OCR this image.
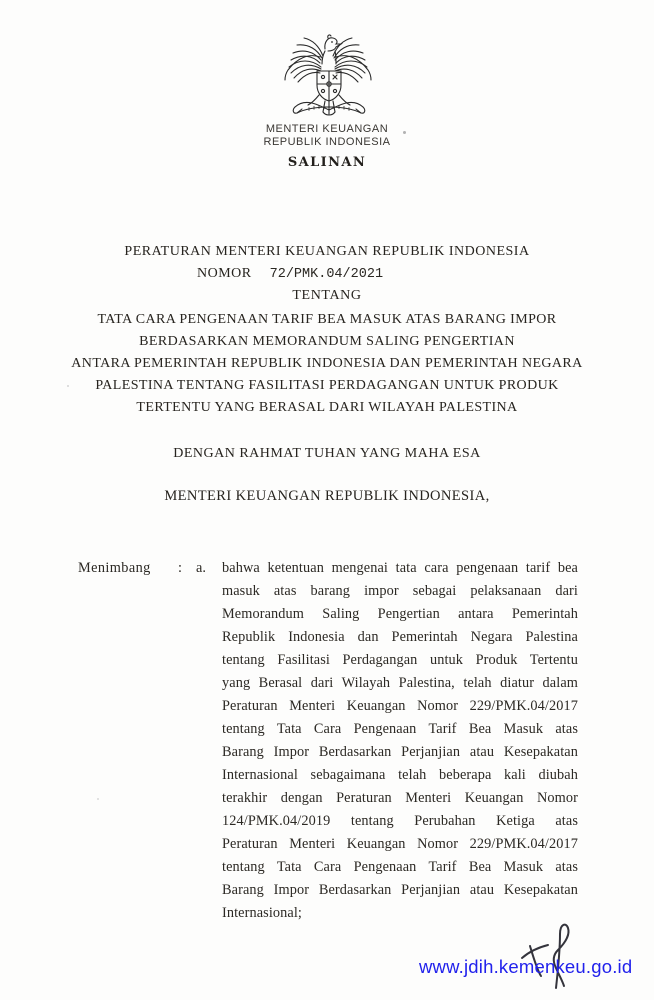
MENTERI KEUANGAN
REPUBLIK INDONESIA
SALINAN
PERATURAN MENTERI KEUANGAN REPUBLIK INDONESIA
NOMOR 72/PMK.04/2021
TENTANG
TATA CARA PENGENAAN TARIF BEA MASUK ATAS BARANG IMPOR
BERDASARKAN MEMORANDUM SALING PENGERTIAN
ANTARA PEMERINTAH REPUBLIK INDONESIA DAN PEMERINTAH NEGARA
PALESTINA TENTANG FASILITASI PERDAGANGAN UNTUK PRODUK
TERTENTU YANG BERASAL DARI WILAYAH PALESTINA
DENGAN RAHMAT TUHAN YANG MAHA ESA
MENTERI KEUANGAN REPUBLIK INDONESIA,
Menimbang	: a.	bahwa ketentuan mengenai tata cara pengenaan tarif bea
masuk atas barang impor sebagai pelaksanaan dari
Memorandum Saling Pengertian antara Pemerintah
Republik Indonesia dan Pemerintah Negara Palestina
tentang Fasilitasi Perdagangan untuk Produk Tertentu
yang Berasal dari Wilayah Palestina, telah diatur dalam
Peraturan Menteri Keuangan Nomor 229/PMK.04/2017
tentang Tata Cara Pengenaan Tarif Bea Masuk atas
Barang Impor Berdasarkan Perjanjian atau Kesepakatan
Internasional sebagaimana telah beberapa kali diubah
terakhir dengan Peraturan Menteri Keuangan Nomor
124/PMK.04/2019 tentang Perubahan Ketiga atas
Peraturan Menteri Keuangan Nomor 229/PMK.04/2017
tentang Tata Cara Pengenaan Tarif Bea Masuk atas
Barang Impor Berdasarkan Perjanjian atau Kesepakatan
Internasional;
www.jdih.kemenkeu.go.id
